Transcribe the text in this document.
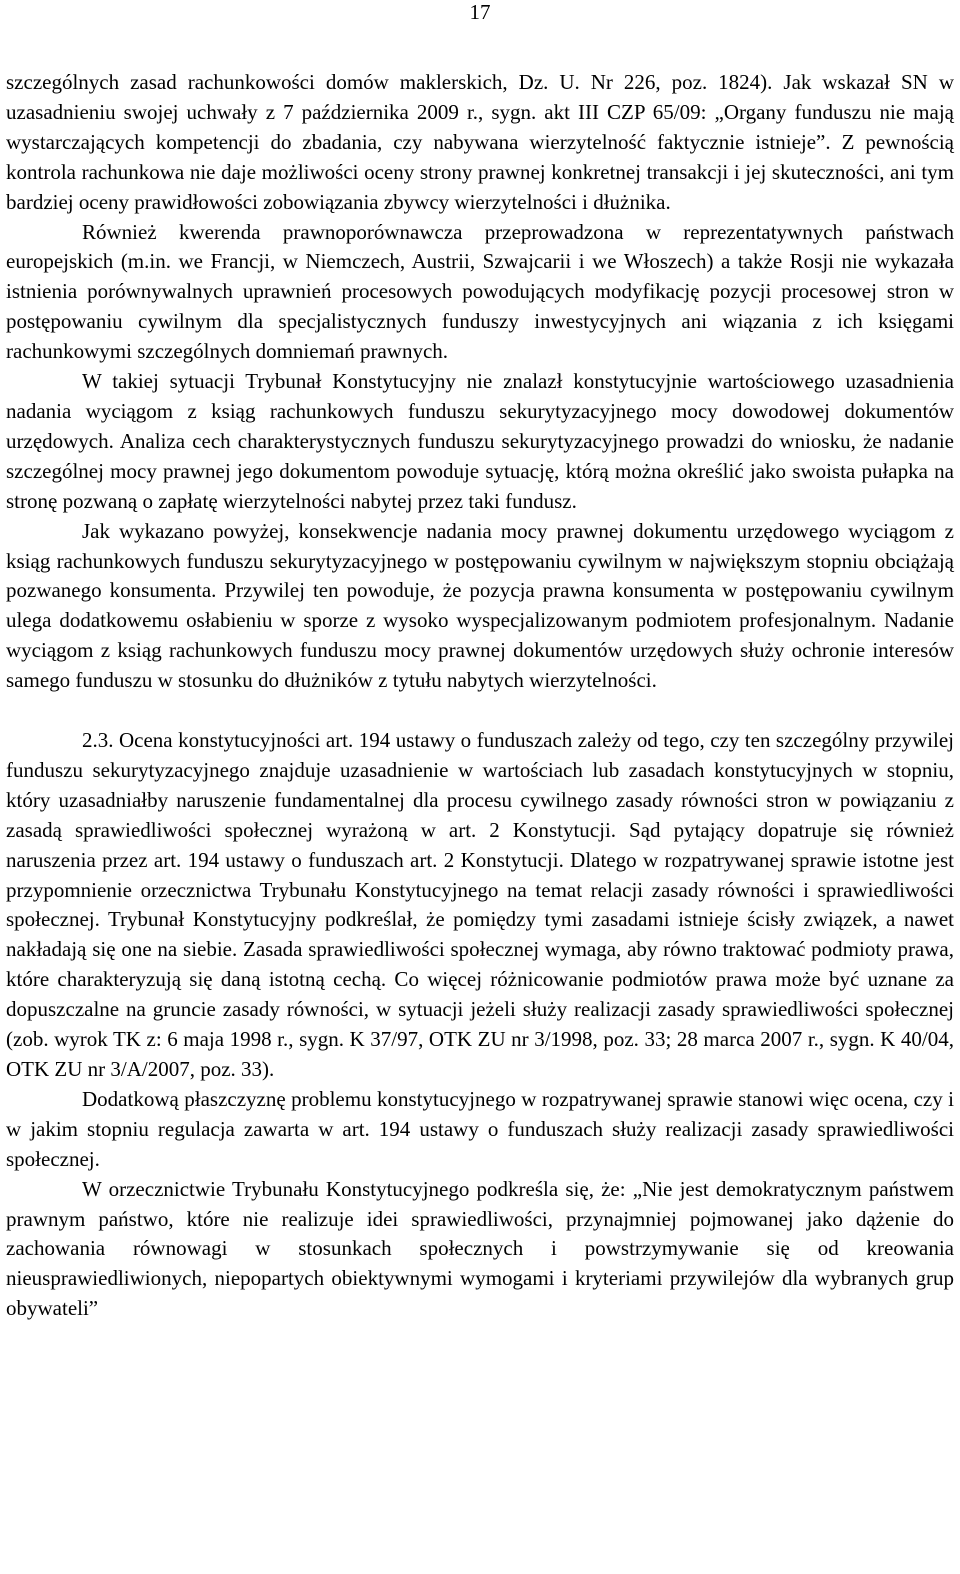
17

szczególnych zasad rachunkowości domów maklerskich, Dz. U. Nr 226, poz. 1824). Jak wskazał SN w uzasadnieniu swojej uchwały z 7 października 2009 r., sygn. akt III CZP 65/09: „Organy funduszu nie mają wystarczających kompetencji do zbadania, czy nabywana wierzytelność faktycznie istnieje”. Z pewnością kontrola rachunkowa nie daje możliwości oceny strony prawnej konkretnej transakcji i jej skuteczności, ani tym bardziej oceny prawidłowości zobowiązania zbywcy wierzytelności i dłużnika.

Również kwerenda prawnoporównawcza przeprowadzona w reprezentatywnych państwach europejskich (m.in. we Francji, w Niemczech, Austrii, Szwajcarii i we Włoszech) a także Rosji nie wykazała istnienia porównywalnych uprawnień procesowych powodujących modyfikację pozycji procesowej stron w postępowaniu cywilnym dla specjalistycznych funduszy inwestycyjnych ani wiązania z ich księgami rachunkowymi szczególnych domniemań prawnych.

W takiej sytuacji Trybunał Konstytucyjny nie znalazł konstytucyjnie wartościowego uzasadnienia nadania wyciągom z ksiąg rachunkowych funduszu sekurytyzacyjnego mocy dowodowej dokumentów urzędowych. Analiza cech charakterystycznych funduszu sekurytyzacyjnego prowadzi do wniosku, że nadanie szczególnej mocy prawnej jego dokumentom powoduje sytuację, którą można określić jako swoista pułapka na stronę pozwaną o zapłatę wierzytelności nabytej przez taki fundusz.

Jak wykazano powyżej, konsekwencje nadania mocy prawnej dokumentu urzędowego wyciągom z ksiąg rachunkowych funduszu sekurytyzacyjnego w postępowaniu cywilnym w największym stopniu obciążają pozwanego konsumenta. Przywilej ten powoduje, że pozycja prawna konsumenta w postępowaniu cywilnym ulega dodatkowemu osłabieniu w sporze z wysoko wyspecjalizowanym podmiotem profesjonalnym. Nadanie wyciągom z ksiąg rachunkowych funduszu mocy prawnej dokumentów urzędowych służy ochronie interesów samego funduszu w stosunku do dłużników z tytułu nabytych wierzytelności.

2.3. Ocena konstytucyjności art. 194 ustawy o funduszach zależy od tego, czy ten szczególny przywilej funduszu sekurytyzacyjnego znajduje uzasadnienie w wartościach lub zasadach konstytucyjnych w stopniu, który uzasadniałby naruszenie fundamentalnej dla procesu cywilnego zasady równości stron w powiązaniu z zasadą sprawiedliwości społecznej wyrażoną w art. 2 Konstytucji. Sąd pytający dopatruje się również naruszenia przez art. 194 ustawy o funduszach art. 2 Konstytucji. Dlatego w rozpatrywanej sprawie istotne jest przypomnienie orzecznictwa Trybunału Konstytucyjnego na temat relacji zasady równości i sprawiedliwości społecznej. Trybunał Konstytucyjny podkreślał, że pomiędzy tymi zasadami istnieje ścisły związek, a nawet nakładają się one na siebie. Zasada sprawiedliwości społecznej wymaga, aby równo traktować podmioty prawa, które charakteryzują się daną istotną cechą. Co więcej różnicowanie podmiotów prawa może być uznane za dopuszczalne na gruncie zasady równości, w sytuacji jeżeli służy realizacji zasady sprawiedliwości społecznej (zob. wyrok TK z: 6 maja 1998 r., sygn. K 37/97, OTK ZU nr 3/1998, poz. 33; 28 marca 2007 r., sygn. K 40/04, OTK ZU nr 3/A/2007, poz. 33).

Dodatkową płaszczyznę problemu konstytucyjnego w rozpatrywanej sprawie stanowi więc ocena, czy i w jakim stopniu regulacja zawarta w art. 194 ustawy o funduszach służy realizacji zasady sprawiedliwości społecznej.

W orzecznictwie Trybunału Konstytucyjnego podkreśla się, że: „Nie jest demokratycznym państwem prawnym państwo, które nie realizuje idei sprawiedliwości, przynajmniej pojmowanej jako dążenie do zachowania równowagi w stosunkach społecznych i powstrzymywanie się od kreowania nieusprawiedliwionych, niepopartych obiektywnymi wymogami i kryteriami przywilejów dla wybranych grup obywateli”
